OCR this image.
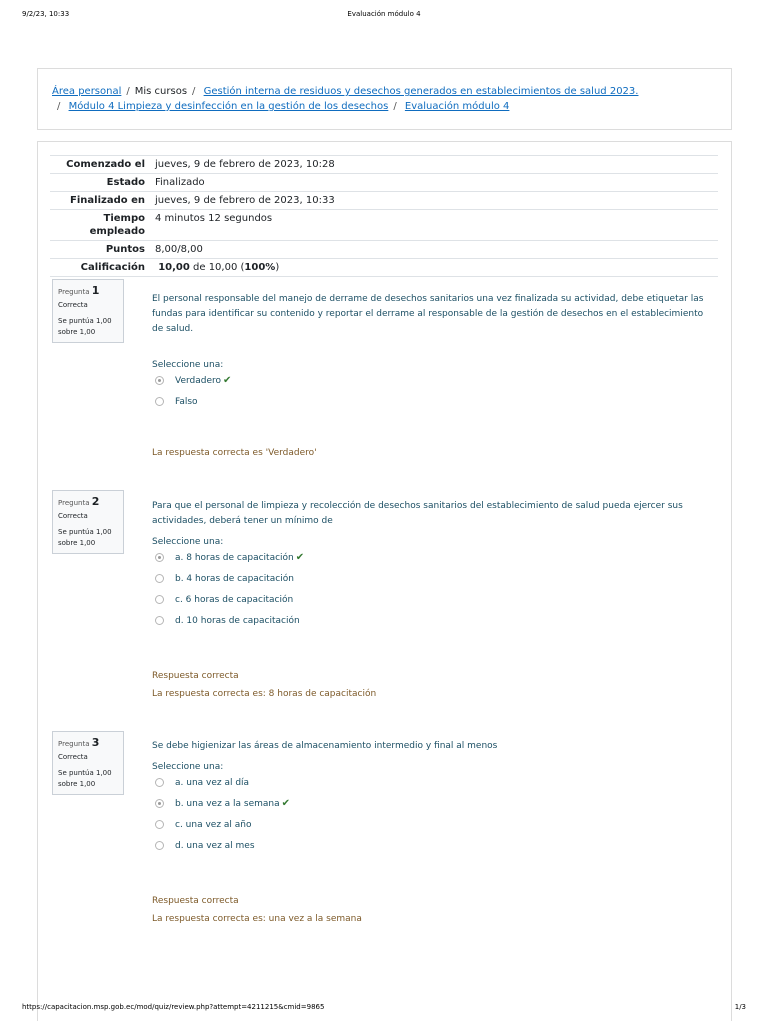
9/2/23, 10:33	Evaluación módulo 4
Área personal / Mis cursos / Gestión interna de residuos y desechos generados en establecimientos de salud 2023.
/ Módulo 4 Limpieza y desinfección en la gestión de los desechos / Evaluación módulo 4
Comenzado el	jueves, 9 de febrero de 2023, 10:28
Estado	Finalizado
Finalizado en	jueves, 9 de febrero de 2023, 10:33
Tiempo empleado	4 minutos 12 segundos
Puntos	8,00/8,00
Calificación	10,00 de 10,00 (100%)
Pregunta 1
Correcta
Se puntúa 1,00 sobre 1,00
El personal responsable del manejo de derrame de desechos sanitarios una vez finalizada su actividad, debe etiquetar las fundas para identificar su contenido y reportar el derrame al responsable de la gestión de desechos en el establecimiento de salud.
Seleccione una:
Verdadero ✔
Falso
La respuesta correcta es 'Verdadero'
Pregunta 2
Correcta
Se puntúa 1,00 sobre 1,00
Para que el personal de limpieza y recolección de desechos sanitarios del establecimiento de salud pueda ejercer sus actividades, deberá tener un mínimo de
Seleccione una:
a. 8 horas de capacitación ✔
b. 4 horas de capacitación
c. 6 horas de capacitación
d. 10 horas de capacitación
Respuesta correcta
La respuesta correcta es: 8 horas de capacitación
Pregunta 3
Correcta
Se puntúa 1,00 sobre 1,00
Se debe higienizar las áreas de almacenamiento intermedio y final al menos
Seleccione una:
a. una vez al día
b. una vez a la semana ✔
c. una vez al año
d. una vez al mes
Respuesta correcta
La respuesta correcta es: una vez a la semana
https://capacitacion.msp.gob.ec/mod/quiz/review.php?attempt=4211215&cmid=9865	1/3
